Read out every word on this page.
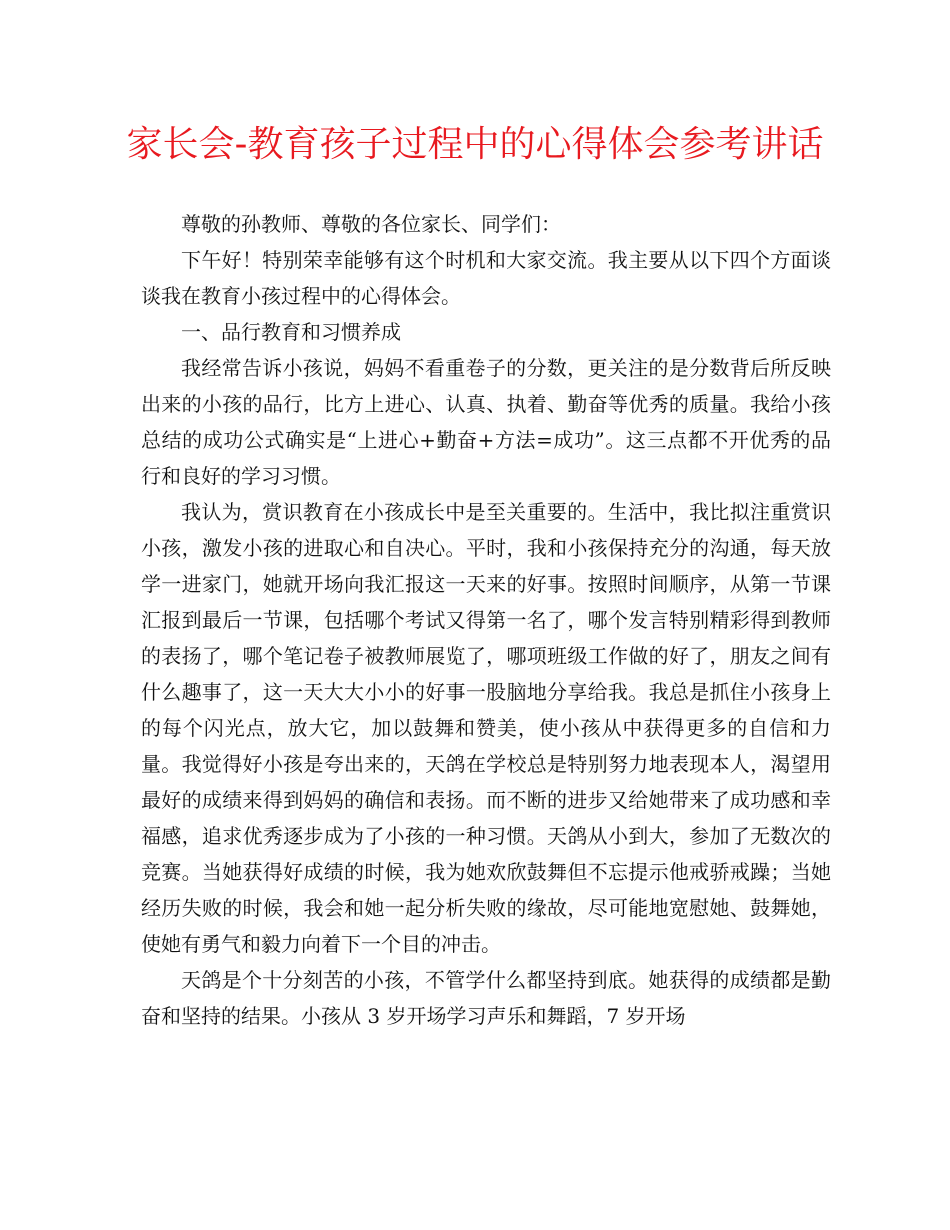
家长会-教育孩子过程中的心得体会参考讲话

尊敬的孙教师、尊敬的各位家长、同学们：

下午好！特别荣幸能够有这个时机和大家交流。我主要从以下四个方面谈谈我在教育小孩过程中的心得体会。

一、品行教育和习惯养成

我经常告诉小孩说，妈妈不看重卷子的分数，更关注的是分数背后所反映出来的小孩的品行，比方上进心、认真、执着、勤奋等优秀的质量。我给小孩总结的成功公式确实是“上进心+勤奋+方法=成功”。这三点都不开优秀的品行和良好的学习习惯。

我认为，赏识教育在小孩成长中是至关重要的。生活中，我比拟注重赏识小孩，激发小孩的进取心和自决心。平时，我和小孩保持充分的沟通，每天放学一进家门，她就开场向我汇报这一天来的好事。按照时间顺序，从第一节课汇报到最后一节课，包括哪个考试又得第一名了，哪个发言特别精彩得到教师的表扬了，哪个笔记卷子被教师展览了，哪项班级工作做的好了，朋友之间有什么趣事了，这一天大大小小的好事一股脑地分享给我。我总是抓住小孩身上的每个闪光点，放大它，加以鼓舞和赞美，使小孩从中获得更多的自信和力量。我觉得好小孩是夸出来的，天鸽在学校总是特别努力地表现本人，渴望用最好的成绩来得到妈妈的确信和表扬。而不断的进步又给她带来了成功感和幸福感，追求优秀逐步成为了小孩的一种习惯。天鸽从小到大，参加了无数次的竞赛。当她获得好成绩的时候，我为她欢欣鼓舞但不忘提示他戒骄戒躁；当她经历失败的时候，我会和她一起分析失败的缘故，尽可能地宽慰她、鼓舞她，使她有勇气和毅力向着下一个目的冲击。

天鸽是个十分刻苦的小孩，不管学什么都坚持到底。她获得的成绩都是勤奋和坚持的结果。小孩从 3 岁开场学习声乐和舞蹈，7 岁开场
